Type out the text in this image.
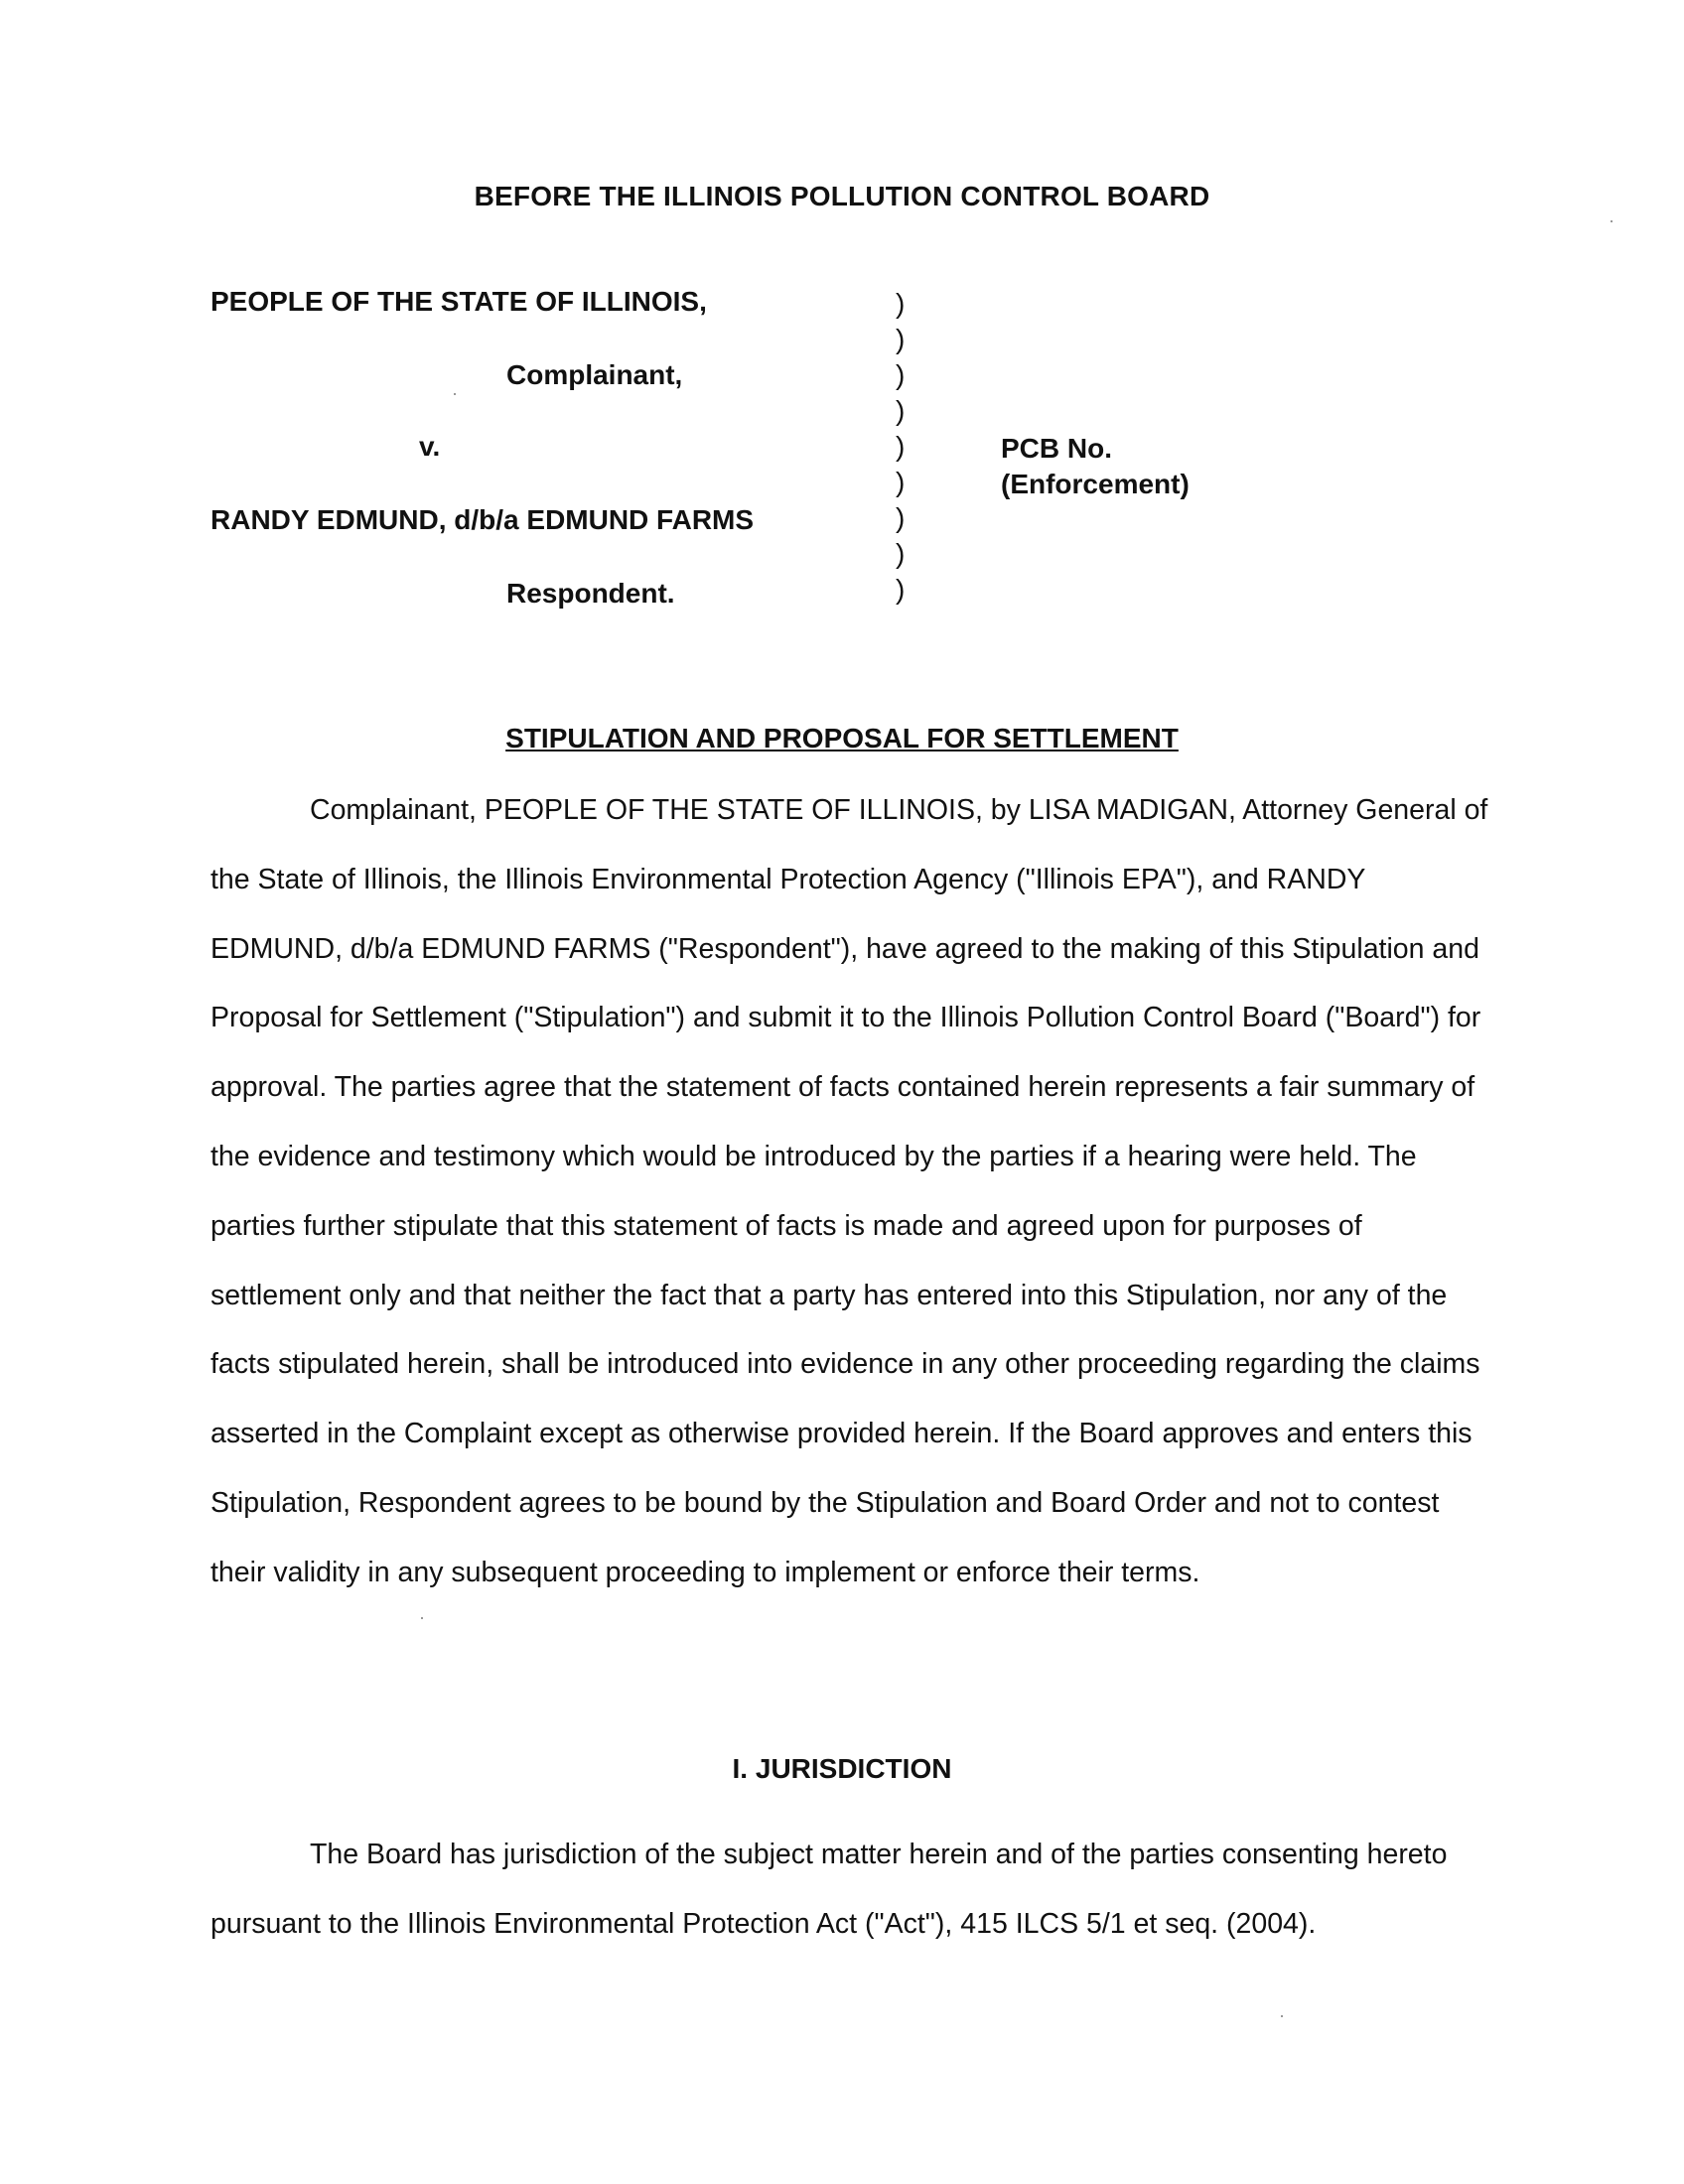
BEFORE THE ILLINOIS POLLUTION CONTROL BOARD
PEOPLE OF THE STATE OF ILLINOIS,
Complainant,
v.
RANDY EDMUND, d/b/a EDMUND FARMS
Respondent.
)
)
)
)
)
)
)
)
)
PCB No.
(Enforcement)
STIPULATION AND PROPOSAL FOR SETTLEMENT

Complainant, PEOPLE OF THE STATE OF ILLINOIS, by LISA MADIGAN, Attorney General of the State of Illinois, the Illinois Environmental Protection Agency ("Illinois EPA"), and RANDY EDMUND, d/b/a EDMUND FARMS ("Respondent"), have agreed to the making of this Stipulation and Proposal for Settlement ("Stipulation") and submit it to the Illinois Pollution Control Board ("Board") for approval. The parties agree that the statement of facts contained herein represents a fair summary of the evidence and testimony which would be introduced by the parties if a hearing were held. The parties further stipulate that this statement of facts is made and agreed upon for purposes of settlement only and that neither the fact that a party has entered into this Stipulation, nor any of the facts stipulated herein, shall be introduced into evidence in any other proceeding regarding the claims asserted in the Complaint except as otherwise provided herein. If the Board approves and enters this Stipulation, Respondent agrees to be bound by the Stipulation and Board Order and not to contest their validity in any subsequent proceeding to implement or enforce their terms.

I. JURISDICTION

The Board has jurisdiction of the subject matter herein and of the parties consenting hereto pursuant to the Illinois Environmental Protection Act ("Act"), 415 ILCS 5/1 et seq. (2004).
